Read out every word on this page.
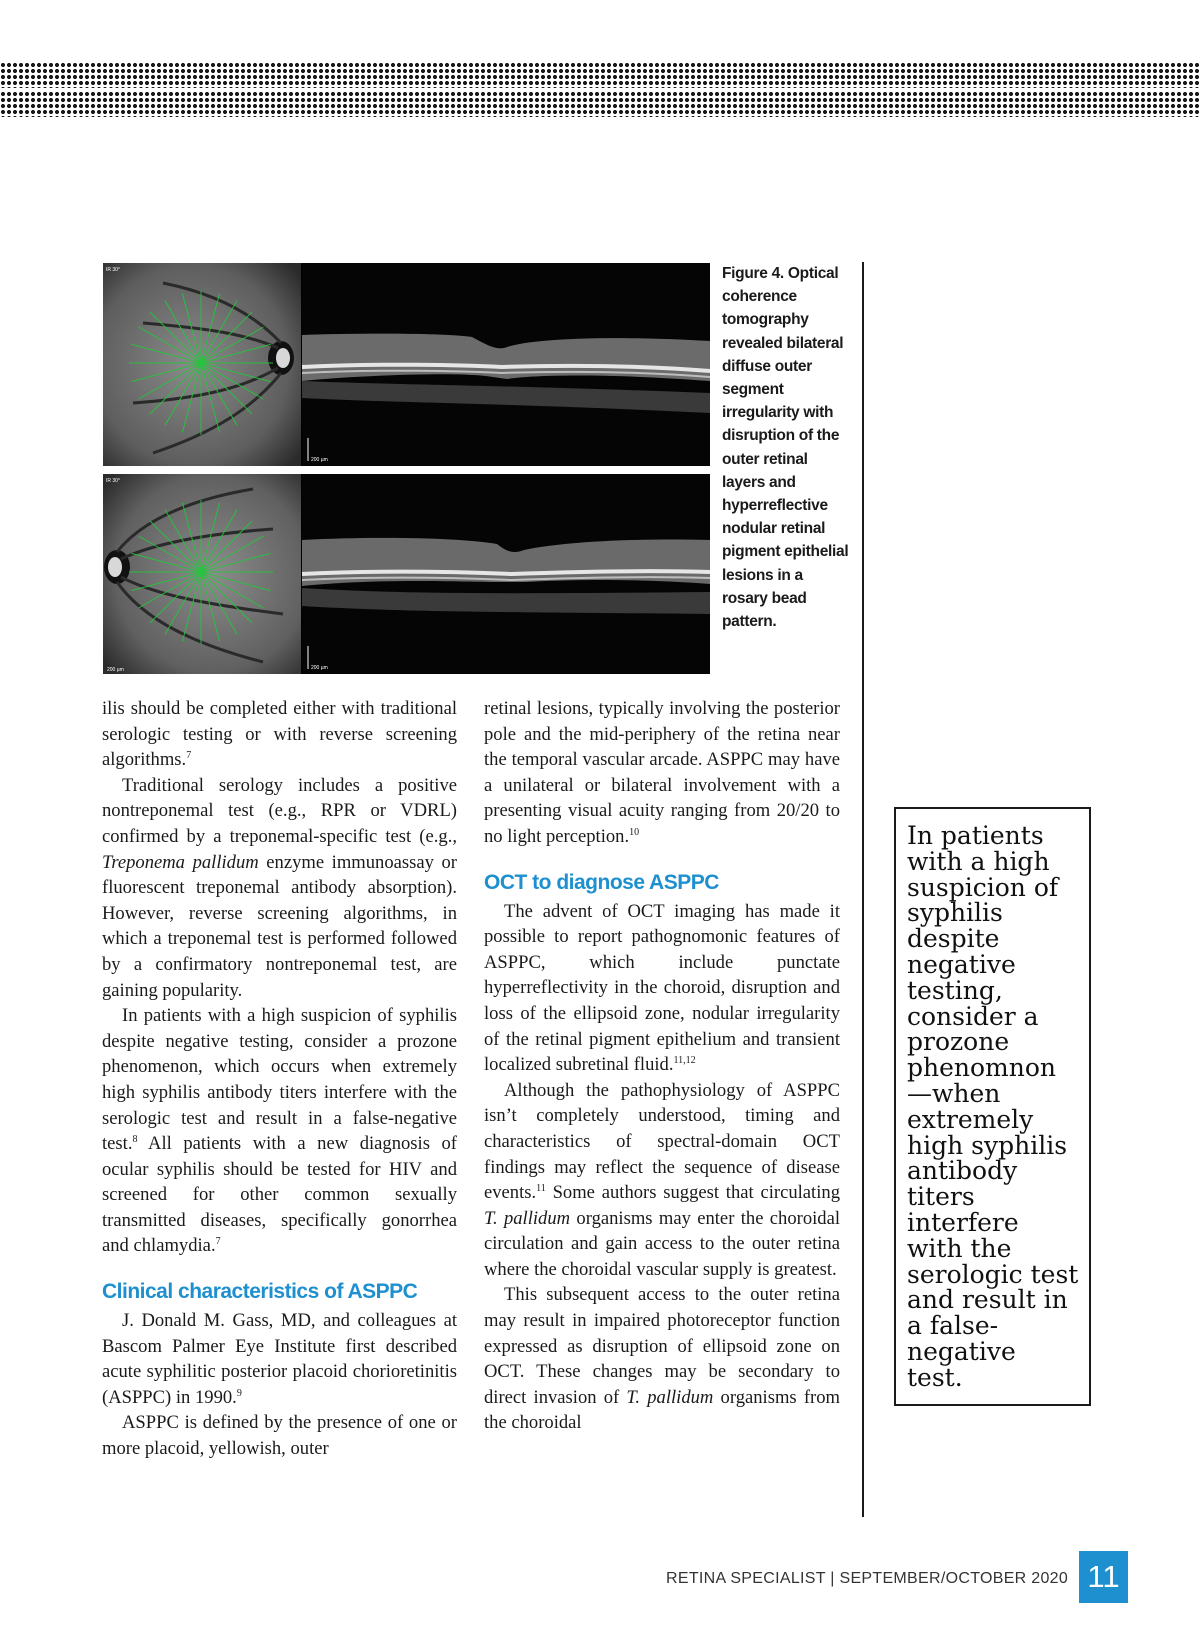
IR 30°
200 µm
IR 30°
200 µm	200 µm
Figure 4. Optical coherence tomography revealed bilateral diffuse outer segment irregularity with disruption of the outer retinal layers and hyperreflective nodular retinal pigment epithelial lesions in a rosary bead pattern.

ilis should be completed either with traditional serologic testing or with reverse screening algorithms.$^7$

Traditional serology includes a positive nontreponemal test (e.g., RPR or VDRL) confirmed by a treponemal-specific test (e.g., Treponema pallidum enzyme immunoassay or fluorescent treponemal antibody absorption). However, reverse screening algorithms, in which a treponemal test is performed followed by a confirmatory nontreponemal test, are gaining popularity.

In patients with a high suspicion of syphilis despite negative testing, consider a prozone phenomenon, which occurs when extremely high syphilis antibody titers interfere with the serologic test and result in a false-negative test.$^8$ All patients with a new diagnosis of ocular syphilis should be tested for HIV and screened for other common sexually transmitted diseases, specifically gonorrhea and chlamydia.$^7$

Clinical characteristics of ASPPC

J. Donald M. Gass, MD, and colleagues at Bascom Palmer Eye Institute first described acute syphilitic posterior placoid chorioretinitis (ASPPC) in 1990.$^9$

ASPPC is defined by the presence of one or more placoid, yellowish, outer

retinal lesions, typically involving the posterior pole and the mid-periphery of the retina near the temporal vascular arcade. ASPPC may have a unilateral or bilateral involvement with a presenting visual acuity ranging from 20/20 to no light perception.$^{10}$

OCT to diagnose ASPPC

The advent of OCT imaging has made it possible to report pathognomonic features of ASPPC, which include punctate hyperreflectivity in the choroid, disruption and loss of the ellipsoid zone, nodular irregularity of the retinal pigment epithelium and transient localized subretinal fluid.$^{11,12}$

Although the pathophysiology of ASPPC isn’t completely understood, timing and characteristics of spectral-domain OCT findings may reflect the sequence of disease events.$^{11}$ Some authors suggest that circulating T. pallidum organisms may enter the choroidal circulation and gain access to the outer retina where the choroidal vascular supply is greatest.

This subsequent access to the outer retina may result in impaired photoreceptor function expressed as disruption of ellipsoid zone on OCT. These changes may be secondary to direct invasion of T. pallidum organisms from the choroidal

In patients with a high suspicion of syphilis despite negative testing, consider a prozone phenomnon —when extremely high syphilis antibody titers interfere with the serologic test and result in a false-negative test.
RETINA SPECIALIST | SEPTEMBER/OCTOBER 2020 11
